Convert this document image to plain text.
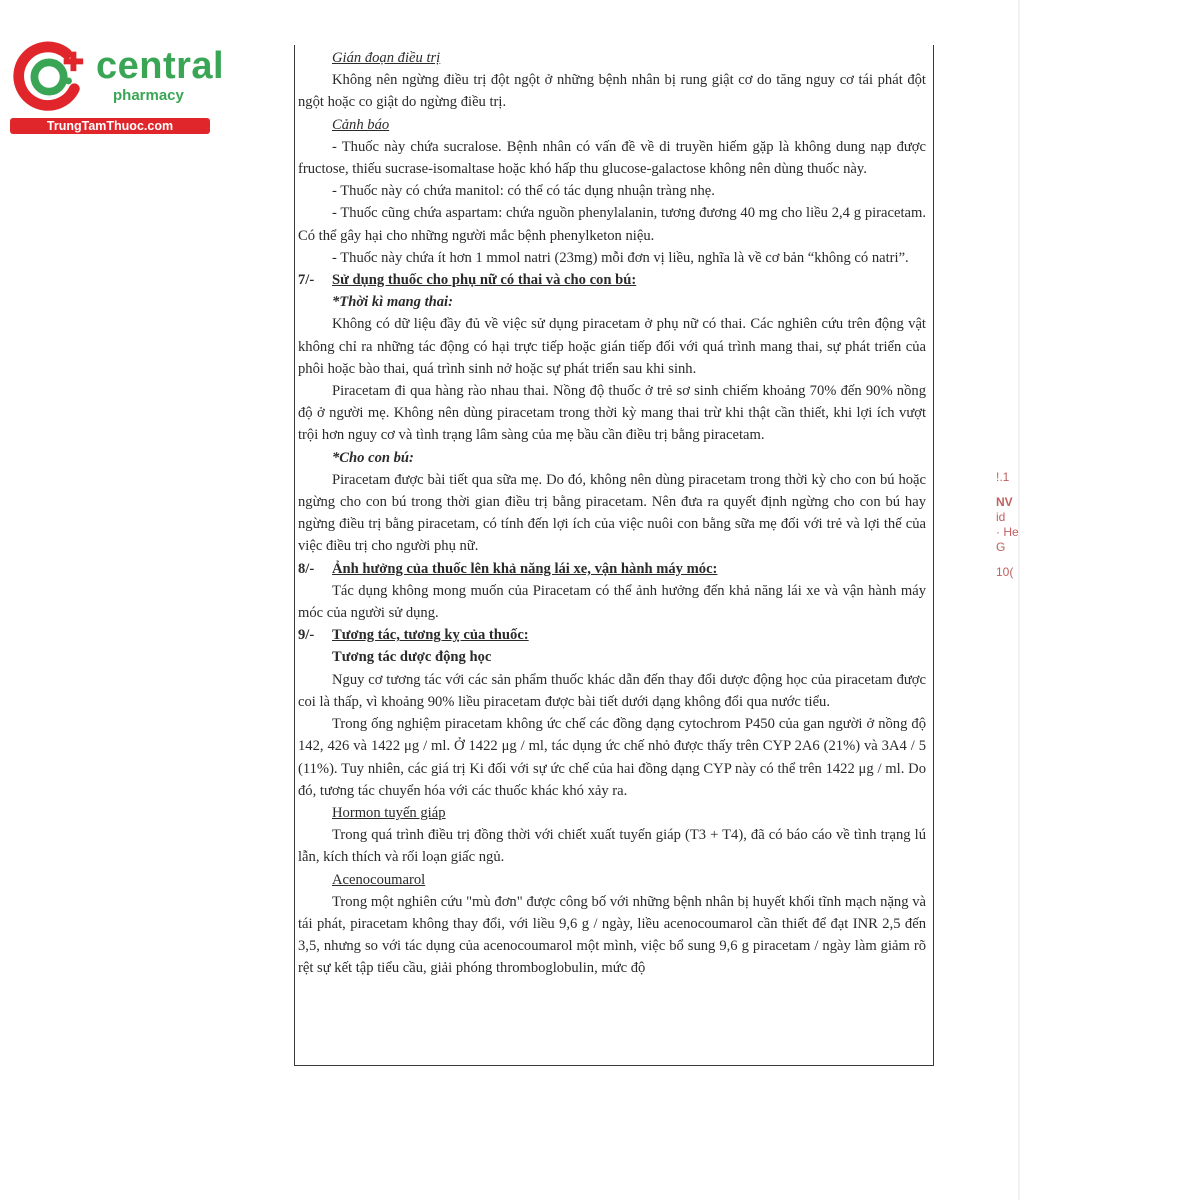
central
pharmacy
TrungTamThuoc.com
!.1
NV
id
· He
G
10(
Gián đoạn điều trị

Không nên ngừng điều trị đột ngột ở những bệnh nhân bị rung giật cơ do tăng nguy cơ tái phát đột ngột hoặc co giật do ngừng điều trị.

Cảnh báo

- Thuốc này chứa sucralose. Bệnh nhân có vấn đề về di truyền hiếm gặp là không dung nạp được fructose, thiếu sucrase-isomaltase hoặc khó hấp thu glucose-galactose không nên dùng thuốc này.

- Thuốc này có chứa manitol: có thể có tác dụng nhuận tràng nhẹ.

- Thuốc cũng chứa aspartam: chứa nguồn phenylalanin, tương đương 40 mg cho liều 2,4 g piracetam. Có thể gây hại cho những người mắc bệnh phenylketon niệu.

- Thuốc này chứa ít hơn 1 mmol natri (23mg) mỗi đơn vị liều, nghĩa là về cơ bản “không có natri”.

7/- Sử dụng thuốc cho phụ nữ có thai và cho con bú:
*Thời kì mang thai:

Không có dữ liệu đầy đủ về việc sử dụng piracetam ở phụ nữ có thai. Các nghiên cứu trên động vật không chỉ ra những tác động có hại trực tiếp hoặc gián tiếp đối với quá trình mang thai, sự phát triển của phôi hoặc bào thai, quá trình sinh nở hoặc sự phát triển sau khi sinh.

Piracetam đi qua hàng rào nhau thai. Nồng độ thuốc ở trẻ sơ sinh chiếm khoảng 70% đến 90% nồng độ ở người mẹ. Không nên dùng piracetam trong thời kỳ mang thai trừ khi thật cần thiết, khi lợi ích vượt trội hơn nguy cơ và tình trạng lâm sàng của mẹ bầu cần điều trị bằng piracetam.

*Cho con bú:

Piracetam được bài tiết qua sữa mẹ. Do đó, không nên dùng piracetam trong thời kỳ cho con bú hoặc ngừng cho con bú trong thời gian điều trị bằng piracetam. Nên đưa ra quyết định ngừng cho con bú hay ngừng điều trị bằng piracetam, có tính đến lợi ích của việc nuôi con bằng sữa mẹ đối với trẻ và lợi thế của việc điều trị cho người phụ nữ.

8/- Ảnh hưởng của thuốc lên khả năng lái xe, vận hành máy móc:

Tác dụng không mong muốn của Piracetam có thể ảnh hưởng đến khả năng lái xe và vận hành máy móc của người sử dụng.

9/- Tương tác, tương kỵ của thuốc:
Tương tác dược động học

Nguy cơ tương tác với các sản phẩm thuốc khác dẫn đến thay đổi dược động học của piracetam được coi là thấp, vì khoảng 90% liều piracetam được bài tiết dưới dạng không đổi qua nước tiểu.

Trong ống nghiệm piracetam không ức chế các đồng dạng cytochrom P450 của gan người ở nồng độ 142, 426 và 1422 μg / ml. Ở 1422 μg / ml, tác dụng ức chế nhỏ được thấy trên CYP 2A6 (21%) và 3A4 / 5 (11%). Tuy nhiên, các giá trị Ki đối với sự ức chế của hai đồng dạng CYP này có thể trên 1422 μg / ml. Do đó, tương tác chuyển hóa với các thuốc khác khó xảy ra.

Hormon tuyến giáp

Trong quá trình điều trị đồng thời với chiết xuất tuyến giáp (T3 + T4), đã có báo cáo về tình trạng lú lẫn, kích thích và rối loạn giấc ngủ.

Acenocoumarol

Trong một nghiên cứu "mù đơn" được công bố với những bệnh nhân bị huyết khối tĩnh mạch nặng và tái phát, piracetam không thay đổi, với liều 9,6 g / ngày, liều acenocoumarol cần thiết để đạt INR 2,5 đến 3,5, nhưng so với tác dụng của acenocoumarol một mình, việc bổ sung 9,6 g piracetam / ngày làm giảm rõ rệt sự kết tập tiểu cầu, giải phóng thromboglobulin, mức độ
